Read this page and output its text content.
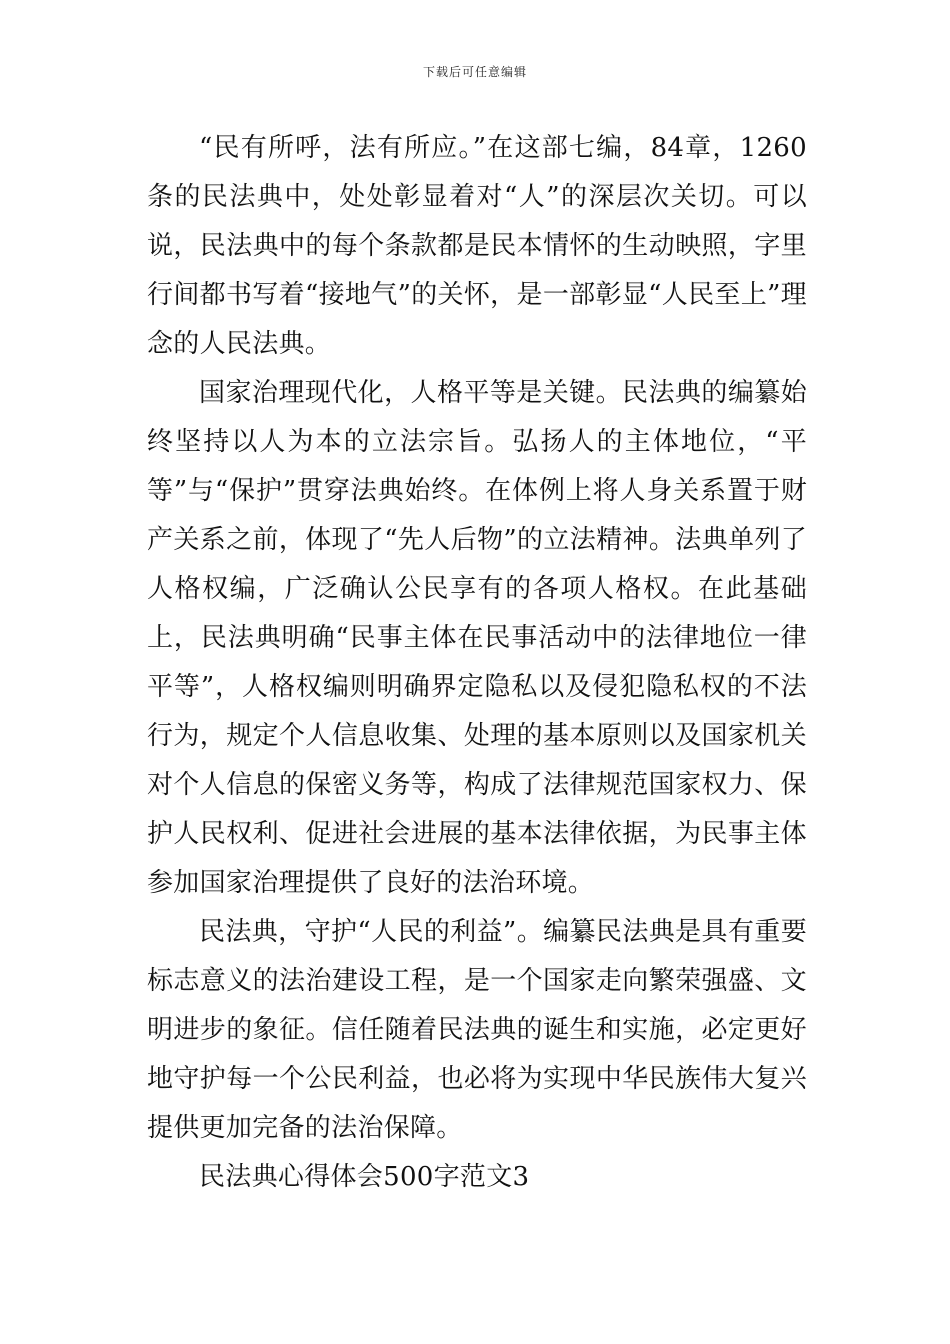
下载后可任意编辑

“民有所呼，法有所应。”在这部七编，84章，1260条的民法典中，处处彰显着对“人”的深层次关切。可以说，民法典中的每个条款都是民本情怀的生动映照，字里行间都书写着“接地气”的关怀，是一部彰显“人民至上”理念的人民法典。

国家治理现代化，人格平等是关键。民法典的编纂始终坚持以人为本的立法宗旨。弘扬人的主体地位，“平等”与“保护”贯穿法典始终。在体例上将人身关系置于财产关系之前，体现了“先人后物”的立法精神。法典单列了人格权编，广泛确认公民享有的各项人格权。在此基础上，民法典明确“民事主体在民事活动中的法律地位一律平等”，人格权编则明确界定隐私以及侵犯隐私权的不法行为，规定个人信息收集、处理的基本原则以及国家机关对个人信息的保密义务等，构成了法律规范国家权力、保护人民权利、促进社会进展的基本法律依据，为民事主体参加国家治理提供了良好的法治环境。

民法典，守护“人民的利益”。编纂民法典是具有重要标志意义的法治建设工程，是一个国家走向繁荣强盛、文明进步的象征。信任随着民法典的诞生和实施，必定更好地守护每一个公民利益，也必将为实现中华民族伟大复兴提供更加完备的法治保障。

民法典心得体会500字范文3
